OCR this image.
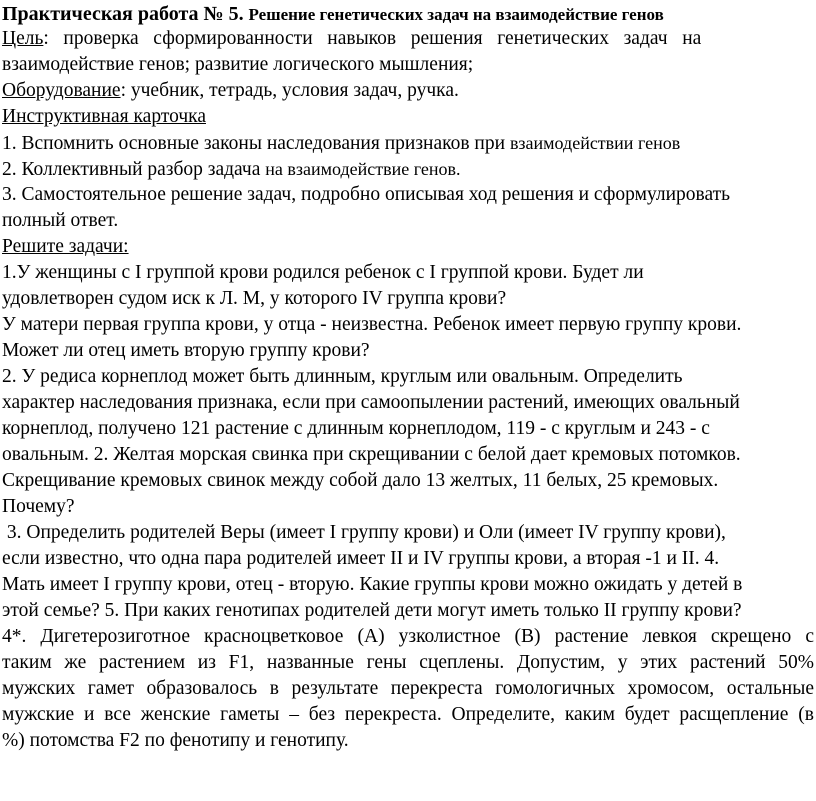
Практическая работа № 5. Решение генетических задач на взаимодействие генов
Цель:   проверка   сформированности   навыков   решения   генетических   задач   на
взаимодействие генов; развитие логического мышления;
Оборудование: учебник, тетрадь, условия задач, ручка.
Инструктивная карточка
1. Вспомнить основные законы наследования признаков при взаимодействии генов
2. Коллективный разбор задача на взаимодействие генов.
3. Самостоятельное решение задач, подробно описывая ход решения и сформулировать
полный ответ.
Решите задачи:
1.У женщины с I группой крови родился ребенок с I группой крови. Будет ли
удовлетворен судом иск к Л. М, у которого IV группа крови?
У матери первая группа крови, у отца - неизвестна. Ребенок имеет первую группу крови.
Может ли отец иметь вторую группу крови?
2. У редиса корнеплод может быть длинным, круглым или овальным. Определить
характер наследования признака, если при самоопылении растений, имеющих овальный
корнеплод, получено 121 растение с длинным корнеплодом, 119 - с круглым и 243 - с
овальным. 2. Желтая морская свинка при скрещивании с белой дает кремовых потомков.
Скрещивание кремовых свинок между собой дало 13 желтых, 11 белых, 25 кремовых.
Почему?
3. Определить родителей Веры (имеет I группу крови) и Оли (имеет IV группу крови),
если известно, что одна пара родителей имеет II и IV группы крови, а вторая -1 и II. 4.
Мать имеет I группу крови, отец - вторую. Какие группы крови можно ожидать у детей в
этой семье? 5. При каких генотипах родителей дети могут иметь только II группу крови?
4*. Дигетерозиготное красноцветковое (А) узколистное (В) растение левкоя скрещено с
таким же растением из F1, названные гены сцеплены. Допустим, у этих растений 50%
мужских гамет образовалось в результате перекреста гомологичных хромосом, остальные
мужские и все женские гаметы – без перекреста. Определите, каким будет расщепление (в
%) потомства F2 по фенотипу и генотипу.
